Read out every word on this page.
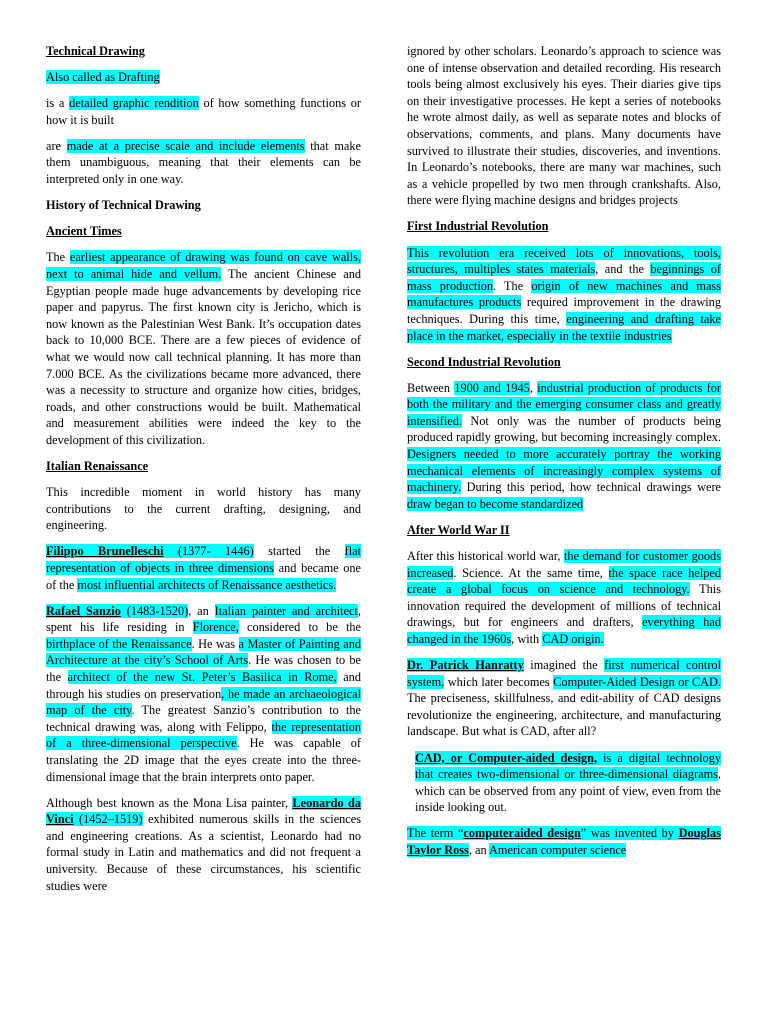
Technical Drawing

Also called as Drafting

is a detailed graphic rendition of how something functions or how it is built

are made at a precise scale and include elements that make them unambiguous, meaning that their elements can be interpreted only in one way.

History of Technical Drawing

Ancient Times

The earliest appearance of drawing was found on cave walls, next to animal hide and vellum. The ancient Chinese and Egyptian people made huge advancements by developing rice paper and papyrus. The first known city is Jericho, which is now known as the Palestinian West Bank. It’s occupation dates back to 10,000 BCE. There are a few pieces of evidence of what we would now call technical planning. It has more than 7.000 BCE. As the civilizations became more advanced, there was a necessity to structure and organize how cities, bridges, roads, and other constructions would be built. Mathematical and measurement abilities were indeed the key to the development of this civilization.

Italian Renaissance

This incredible moment in world history has many contributions to the current drafting, designing, and engineering.

Filippo Brunelleschi (1377- 1446) started the flat representation of objects in three dimensions and became one of the most influential architects of Renaissance aesthetics.

Rafael Sanzio (1483-1520), an Italian painter and architect, spent his life residing in Florence, considered to be the birthplace of the Renaissance. He was a Master of Painting and Architecture at the city’s School of Arts. He was chosen to be the architect of the new St. Peter’s Basilica in Rome, and through his studies on preservation, he made an archaeological map of the city. The greatest Sanzio’s contribution to the technical drawing was, along with Felippo, the representation of a three-dimensional perspective. He was capable of translating the 2D image that the eyes create into the three-dimensional image that the brain interprets onto paper.

Although best known as the Mona Lisa painter, Leonardo da Vinci (1452–1519) exhibited numerous skills in the sciences and engineering creations. As a scientist, Leonardo had no formal study in Latin and mathematics and did not frequent a university. Because of these circumstances, his scientific studies were

ignored by other scholars. Leonardo’s approach to science was one of intense observation and detailed recording. His research tools being almost exclusively his eyes. Their diaries give tips on their investigative processes. He kept a series of notebooks he wrote almost daily, as well as separate notes and blocks of observations, comments, and plans. Many documents have survived to illustrate their studies, discoveries, and inventions. In Leonardo’s notebooks, there are many war machines, such as a vehicle propelled by two men through crankshafts. Also, there were flying machine designs and bridges projects

First Industrial Revolution

This revolution era received lots of innovations, tools, structures, multiples states materials, and the beginnings of mass production. The origin of new machines and mass manufactures products required improvement in the drawing techniques. During this time, engineering and drafting take place in the market, especially in the textile industries

Second Industrial Revolution

Between 1900 and 1945, industrial production of products for both the military and the emerging consumer class and greatly intensified. Not only was the number of products being produced rapidly growing, but becoming increasingly complex. Designers needed to more accurately portray the working mechanical elements of increasingly complex systems of machinery. During this period, how technical drawings were draw began to become standardized

After World War II

After this historical world war, the demand for customer goods increased. Science. At the same time, the space race helped create a global focus on science and technology. This innovation required the development of millions of technical drawings, but for engineers and drafters, everything had changed in the 1960s, with CAD origin.

Dr. Patrick Hanratty imagined the first numerical control system, which later becomes Computer-Aided Design or CAD. The preciseness, skillfulness, and edit-ability of CAD designs revolutionize the engineering, architecture, and manufacturing landscape. But what is CAD, after all?

CAD, or Computer-aided design, is a digital technology that creates two-dimensional or three-dimensional diagrams, which can be observed from any point of view, even from the inside looking out.

The term “computeraided design” was invented by Douglas Taylor Ross, an American computer science
